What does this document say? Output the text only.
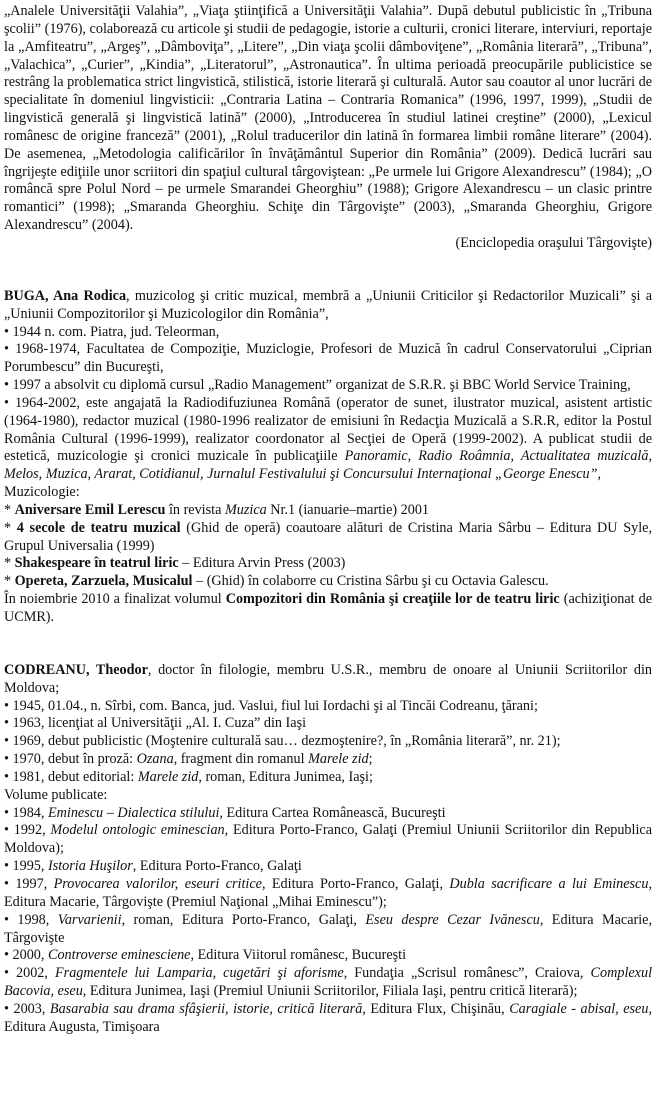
„Analele Universităţii Valahia”, „Viaţa ştiinţifică a Universităţii Valahia”. După debutul publicistic în „Tribuna şcolii” (1976), colaborează cu articole şi studii de pedagogie, istorie a culturii, cronici literare, interviuri, reportaje la „Amfiteatru”, „Argeş”, „Dâmboviţa”, „Litere”, „Din viaţa şcolii dâmboviţene”, „România literară”, „Tribuna”, „Valachica”, „Curier”, „Kindia”, „Literatorul”, „Astronautica”. În ultima perioadă preocupările publicistice se restrâng la problematica strict lingvistică, stilistică, istorie literară şi culturală. Autor sau coautor al unor lucrări de specialitate în domeniul lingvisticii: „Contraria Latina – Contraria Romanica” (1996, 1997, 1999), „Studii de lingvistică generală şi lingvistică latină” (2000), „Introducerea în studiul latinei creştine” (2000), „Lexicul românesc de origine franceză” (2001), „Rolul traducerilor din latină în formarea limbii române literare” (2004). De asemenea, „Metodologia calificărilor în învăţământul Superior din România” (2009). Dedică lucrări sau îngrijeşte ediţiile unor scriitori din spaţiul cultural târgoviştean: „Pe urmele lui Grigore Alexandrescu” (1984); „O româncă spre Polul Nord – pe urmele Smarandei Gheorghiu” (1988); Grigore Alexandrescu – un clasic printre romantici” (1998); „Smaranda Gheorghiu. Schiţe din Târgovişte” (2003), „Smaranda Gheorghiu, Grigore Alexandrescu” (2004).

(Enciclopedia oraşului Târgovişte)

BUGA, Ana Rodica, muzicolog şi critic muzical, membră a „Uniunii Criticilor şi Redactorilor Muzicali” şi a „Uniunii Compozitorilor şi Muzicologilor din România”,

• 1944 n. com. Piatra, jud. Teleorman,

• 1968-1974, Facultatea de Compoziţie, Muziclogie, Profesori de Muzică în cadrul Conservatorului „Ciprian Porumbescu” din Bucureşti,

• 1997 a absolvit cu diplomă cursul „Radio Management” organizat de S.R.R. şi BBC World Service Training,

• 1964-2002, este angajată la Radiodifuziunea Română (operator de sunet, ilustrator muzical, asistent artistic (1964-1980), redactor muzical (1980-1996 realizator de emisiuni în Redacţia Muzicală a S.R.R, editor la Postul România Cultural (1996-1999), realizator coordonator al Secţiei de Operă (1999-2002). A publicat studii de estetică, muzicologie şi cronici muzicale în publicaţiile Panoramic, Radio Roâmnia, Actualitatea muzicală, Melos, Muzica, Ararat, Cotidianul, Jurnalul Festivalului şi Concursului Internaţional „George Enescu”,

Muzicologie:

* Aniversare Emil Lerescu în revista Muzica Nr.1 (ianuarie–martie) 2001

* 4 secole de teatru muzical (Ghid de operă) coautoare alături de Cristina Maria Sârbu – Editura DU Syle, Grupul Universalia (1999)

* Shakespeare în teatrul liric – Editura Arvin Press (2003)

* Opereta, Zarzuela, Musicalul – (Ghid) în colaborre cu Cristina Sârbu şi cu Octavia Galescu.

În noiembrie 2010 a finalizat volumul Compozitori din România şi creaţiile lor de teatru liric (achiziţionat de UCMR).

CODREANU, Theodor, doctor în filologie, membru U.S.R., membru de onoare al Uniunii Scriitorilor din Moldova;

• 1945, 01.04., n. Sîrbi, com. Banca, jud. Vaslui, fiul lui Iordachi şi al Tincăi Codreanu, ţărani;

• 1963, licenţiat al Universităţii „Al. I. Cuza” din Iaşi

• 1969, debut publicistic (Moştenire culturală sau… dezmoştenire?, în „România literară”, nr. 21);

• 1970, debut în proză: Ozana, fragment din romanul Marele zid;

• 1981, debut editorial: Marele zid, roman, Editura Junimea, Iaşi;

Volume publicate:

• 1984, Eminescu – Dialectica stilului, Editura Cartea Românească, Bucureşti

• 1992, Modelul ontologic eminescian, Editura Porto-Franco, Galaţi (Premiul Uniunii Scriitorilor din Republica Moldova);

• 1995, Istoria Huşilor, Editura Porto-Franco, Galaţi

• 1997, Provocarea valorilor, eseuri critice, Editura Porto-Franco, Galaţi, Dubla sacrificare a lui Eminescu, Editura Macarie, Târgovişte (Premiul Naţional „Mihai Eminescu”);

• 1998, Varvarienii, roman, Editura Porto-Franco, Galaţi, Eseu despre Cezar Ivănescu, Editura Macarie, Târgovişte

• 2000, Controverse eminesciene, Editura Viitorul românesc, Bucureşti

• 2002, Fragmentele lui Lamparia, cugetări şi aforisme, Fundaţia „Scrisul românesc”, Craiova, Complexul Bacovia, eseu, Editura Junimea, Iaşi (Premiul Uniunii Scriitorilor, Filiala Iaşi, pentru critică literară);

• 2003, Basarabia sau drama sfâşierii, istorie, critică literară, Editura Flux, Chişinău, Caragiale - abisal, eseu, Editura Augusta, Timişoara
